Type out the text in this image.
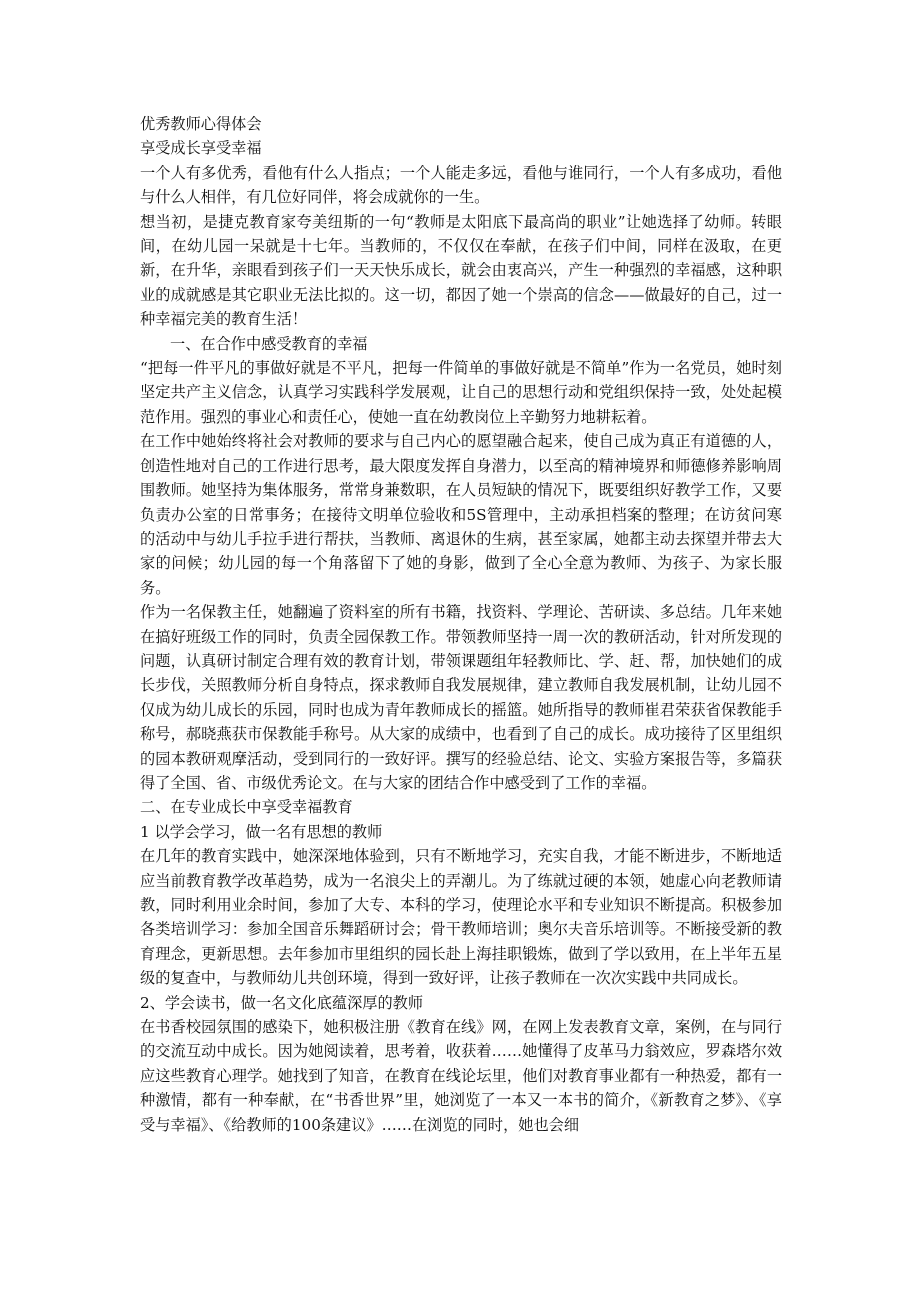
优秀教师心得体会
享受成长享受幸福
一个人有多优秀，看他有什么人指点；一个人能走多远，看他与谁同行，一个人有多成功，看他与什么人相伴，有几位好同伴，将会成就你的一生。
想当初，是捷克教育家夸美纽斯的一句“教师是太阳底下最高尚的职业”让她选择了幼师。转眼间，在幼儿园一呆就是十七年。当教师的，不仅仅在奉献，在孩子们中间，同样在汲取，在更新，在升华，亲眼看到孩子们一天天快乐成长，就会由衷高兴，产生一种强烈的幸福感，这种职业的成就感是其它职业无法比拟的。这一切，都因了她一个崇高的信念——做最好的自己，过一种幸福完美的教育生活！
一、在合作中感受教育的幸福
“把每一件平凡的事做好就是不平凡，把每一件简单的事做好就是不简单”作为一名党员，她时刻坚定共产主义信念，认真学习实践科学发展观，让自己的思想行动和党组织保持一致，处处起模范作用。强烈的事业心和责任心，使她一直在幼教岗位上辛勤努力地耕耘着。
在工作中她始终将社会对教师的要求与自己内心的愿望融合起来，使自己成为真正有道德的人，创造性地对自己的工作进行思考，最大限度发挥自身潜力，以至高的精神境界和师德修养影响周围教师。她坚持为集体服务，常常身兼数职，在人员短缺的情况下，既要组织好教学工作，又要负责办公室的日常事务；在接待文明单位验收和5S管理中，主动承担档案的整理；在访贫问寒的活动中与幼儿手拉手进行帮扶，当教师、离退休的生病，甚至家属，她都主动去探望并带去大家的问候；幼儿园的每一个角落留下了她的身影，做到了全心全意为教师、为孩子、为家长服务。
作为一名保教主任，她翻遍了资料室的所有书籍，找资料、学理论、苦研读、多总结。几年来她在搞好班级工作的同时，负责全园保教工作。带领教师坚持一周一次的教研活动，针对所发现的问题，认真研讨制定合理有效的教育计划，带领课题组年轻教师比、学、赶、帮，加快她们的成长步伐，关照教师分析自身特点，探求教师自我发展规律，建立教师自我发展机制，让幼儿园不仅成为幼儿成长的乐园，同时也成为青年教师成长的摇篮。她所指导的教师崔君荣获省保教能手称号，郝晓燕获市保教能手称号。从大家的成绩中，也看到了自己的成长。成功接待了区里组织的园本教研观摩活动，受到同行的一致好评。撰写的经验总结、论文、实验方案报告等，多篇获得了全国、省、市级优秀论文。在与大家的团结合作中感受到了工作的幸福。
二、在专业成长中享受幸福教育
1 以学会学习，做一名有思想的教师
在几年的教育实践中，她深深地体验到，只有不断地学习，充实自我，才能不断进步，不断地适应当前教育教学改革趋势，成为一名浪尖上的弄潮儿。为了练就过硬的本领，她虚心向老教师请教，同时利用业余时间，参加了大专、本科的学习，使理论水平和专业知识不断提高。积极参加各类培训学习：参加全国音乐舞蹈研讨会；骨干教师培训；奥尔夫音乐培训等。不断接受新的教育理念，更新思想。去年参加市里组织的园长赴上海挂职锻炼，做到了学以致用，在上半年五星级的复查中，与教师幼儿共创环境，得到一致好评，让孩子教师在一次次实践中共同成长。
2、学会读书，做一名文化底蕴深厚的教师
在书香校园氛围的感染下，她积极注册《教育在线》网，在网上发表教育文章，案例，在与同行的交流互动中成长。因为她阅读着，思考着，收获着……她懂得了皮革马力翁效应，罗森塔尔效应这些教育心理学。她找到了知音，在教育在线论坛里，他们对教育事业都有一种热爱，都有一种激情，都有一种奉献，在“书香世界”里，她浏览了一本又一本书的简介，《新教育之梦》、《享受与幸福》、《给教师的100条建议》……在浏览的同时，她也会细
